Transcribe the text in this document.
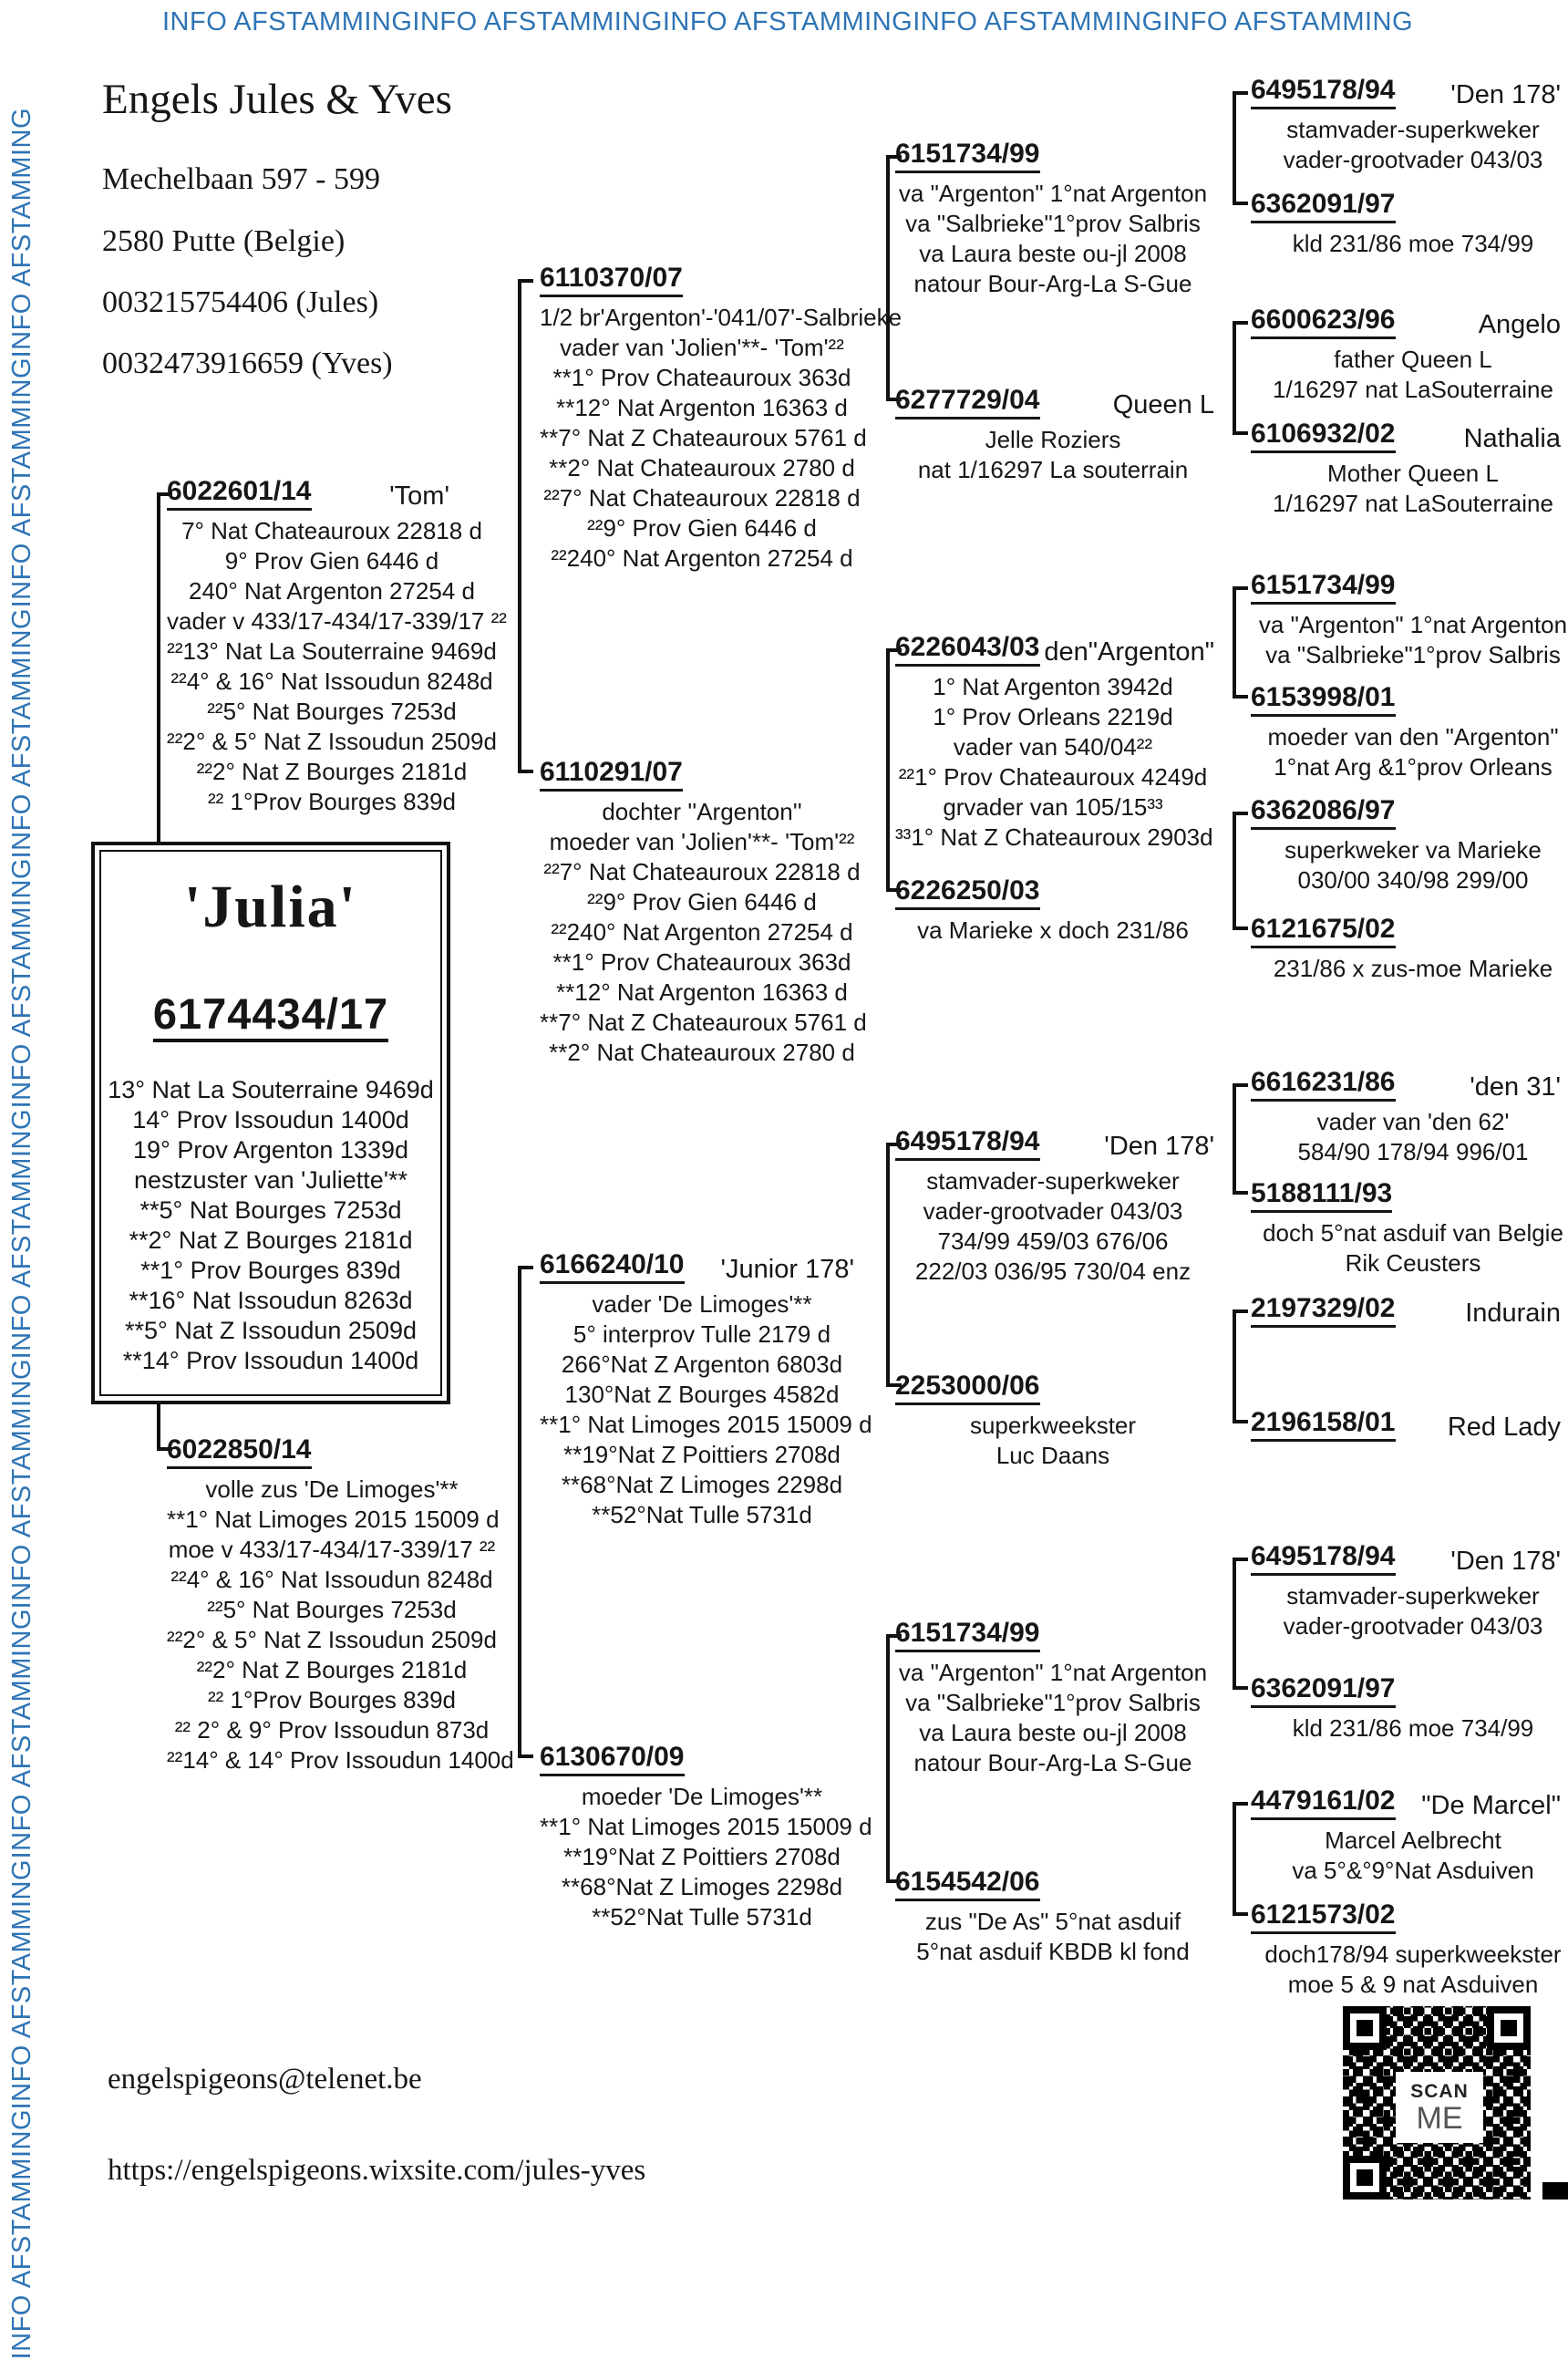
INFO AFSTAMMING INFO AFSTAMMING INFO AFSTAMMING INFO AFSTAMMING INFO AFSTAMMING
INFO AFSTAMMING
INFO AFSTAMMING
INFO AFSTAMMING
INFO AFSTAMMING
INFO AFSTAMMING
INFO AFSTAMMING
INFO AFSTAMMING
INFO AFSTAMMING
INFO AFSTAMMING
Engels Jules & Yves
Mechelbaan 597 - 599
2580 Putte (Belgie)
003215754406 (Jules)
0032473916659 (Yves)
6022601/14	'Tom'
7° Nat Chateauroux 22818 d
9° Prov Gien 6446 d
240° Nat Argenton 27254 d
vader v 433/17-434/17-339/17 ²²
²²13° Nat La Souterraine 9469d
²²4° & 16° Nat Issoudun 8248d
²²5° Nat Bourges 7253d
²²2° & 5° Nat Z Issoudun 2509d
²²2° Nat Z Bourges 2181d
²² 1°Prov Bourges 839d
6022850/14
volle zus 'De Limoges'**
**1° Nat Limoges 2015 15009 d
moe v 433/17-434/17-339/17 ²²
²²4° & 16° Nat Issoudun 8248d
²²5° Nat Bourges 7253d
²²2° & 5° Nat Z Issoudun 2509d
²²2° Nat Z Bourges 2181d
²² 1°Prov Bourges 839d
²² 2° & 9° Prov Issoudun 873d
²²14° & 14° Prov Issoudun 1400d
6110370/07
1/2 br'Argenton'-'041/07'-Salbrieke
vader van 'Jolien'**- 'Tom'²²
**1° Prov Chateauroux 363d
**12° Nat Argenton 16363 d
**7° Nat Z Chateauroux 5761 d
**2° Nat Chateauroux 2780 d
²²7° Nat Chateauroux 22818 d
²²9° Prov Gien 6446 d
²²240° Nat Argenton 27254 d
6110291/07
dochter ''Argenton''
moeder van 'Jolien'**- 'Tom'²²
²²7° Nat Chateauroux 22818 d
²²9° Prov Gien 6446 d
²²240° Nat Argenton 27254 d
**1° Prov Chateauroux 363d
**12° Nat Argenton 16363 d
**7° Nat Z Chateauroux 5761 d
**2° Nat Chateauroux 2780 d
6166240/10 'Junior 178'
vader 'De Limoges'**
5° interprov Tulle 2179 d
266°Nat Z Argenton 6803d
130°Nat Z Bourges 4582d
**1° Nat Limoges 2015 15009 d
**19°Nat Z Poittiers 2708d
**68°Nat Z Limoges 2298d
**52°Nat Tulle 5731d
6130670/09
moeder 'De Limoges'**
**1° Nat Limoges 2015 15009 d
**19°Nat Z Poittiers 2708d
**68°Nat Z Limoges 2298d
**52°Nat Tulle 5731d
6151734/99
va "Argenton" 1°nat Argenton
va "Salbrieke"1°prov Salbris
va Laura beste ou-jl 2008
natour Bour-Arg-La S-Gue
6277729/04	Queen L
Jelle Roziers
nat 1/16297 La souterrain
6226043/03 den"Argenton"
1° Nat Argenton 3942d
1° Prov Orleans 2219d
vader van 540/04²²
²²1° Prov Chateauroux 4249d
grvader van 105/15³³
³³1° Nat Z Chateauroux 2903d
6226250/03
va Marieke x doch 231/86
6495178/94 'Den 178'
stamvader-superkweker
vader-grootvader 043/03
734/99 459/03 676/06
222/03 036/95 730/04 enz
2253000/06
superkweekster
Luc Daans
6151734/99
va "Argenton" 1°nat Argenton
va "Salbrieke"1°prov Salbris
va Laura beste ou-jl 2008
natour Bour-Arg-La S-Gue
6154542/06
zus "De As" 5°nat asduif
5°nat asduif KBDB kl fond
6495178/94 'Den 178'
stamvader-superkweker
vader-grootvader 043/03
6362091/97
kld 231/86 moe 734/99
6600623/96	Angelo
father Queen L
1/16297 nat LaSouterraine
6106932/02	Nathalia
Mother Queen L
1/16297 nat LaSouterraine
6151734/99
va "Argenton" 1°nat Argenton
va "Salbrieke"1°prov Salbris
6153998/01
moeder van den "Argenton"
1°nat Arg &1°prov Orleans
6362086/97
superkweker va Marieke
030/00 340/98 299/00
6121675/02
231/86 x zus-moe Marieke
6616231/86	'den 31'
vader van 'den 62'
584/90 178/94 996/01
5188111/93
doch 5°nat asduif van Belgie
Rik Ceusters
2197329/02	Indurain
2196158/01 Red Lady
6495178/94 'Den 178'
stamvader-superkweker
vader-grootvader 043/03
6362091/97
kld 231/86 moe 734/99
4479161/02 "De Marcel"
Marcel Aelbrecht
va 5°&°9°Nat Asduiven
6121573/02
doch178/94 superkweekster
moe 5 & 9 nat Asduiven
'Julia'
6174434/17
13° Nat La Souterraine 9469d
14° Prov Issoudun 1400d
19° Prov Argenton 1339d
nestzuster van 'Juliette'**
**5° Nat Bourges 7253d
**2° Nat Z Bourges 2181d
**1° Prov Bourges 839d
**16° Nat Issoudun 8263d
**5° Nat Z Issoudun 2509d
**14° Prov Issoudun 1400d
engelspigeons@telenet.be
https://engelspigeons.wixsite.com/jules-yves
SCAN
ME
